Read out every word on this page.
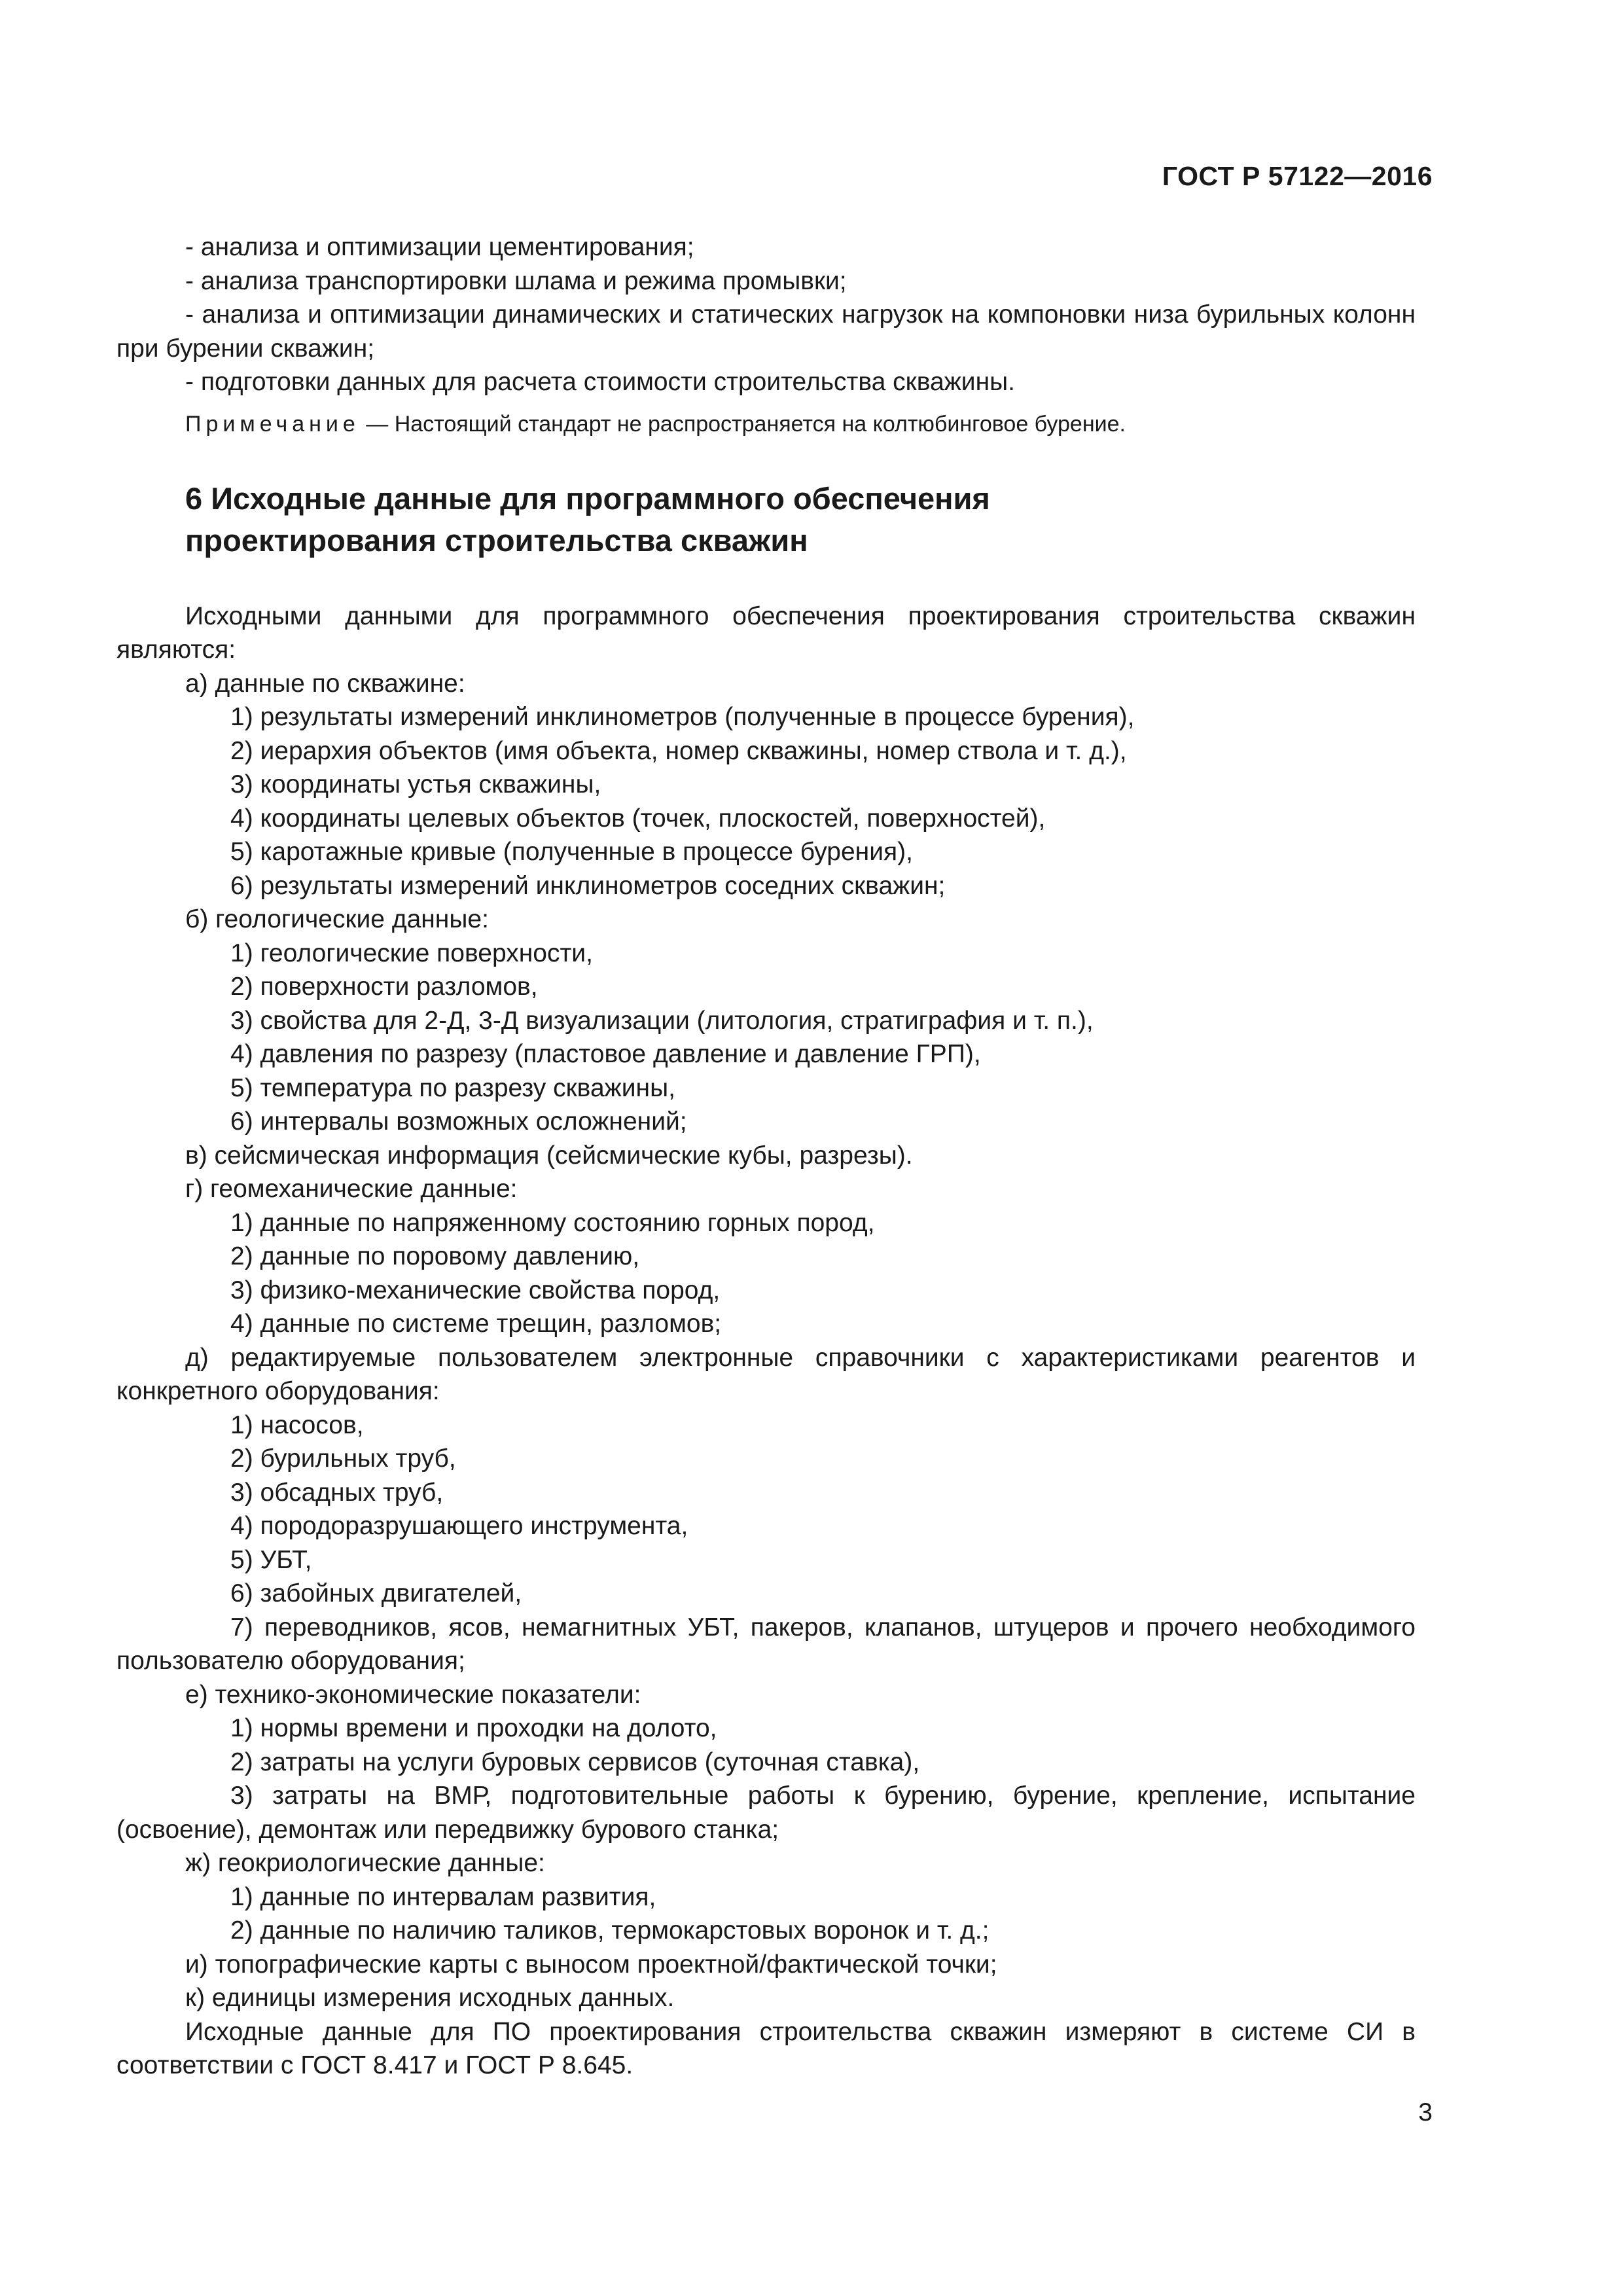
ГОСТ Р 57122—2016

- анализа и оптимизации цементирования;

- анализа транспортировки шлама и режима промывки;

- анализа и оптимизации динамических и статических нагрузок на компоновки низа бурильных колонн при бурении скважин;

- подготовки данных для расчета стоимости строительства скважины.

Примечание — Настоящий стандарт не распространяется на колтюбинговое бурение.

6 Исходные данные для программного обеспечения
проектирования строительства скважин

Исходными данными для программного обеспечения проектирования строительства скважин являются:

а) данные по скважине:

1) результаты измерений инклинометров (полученные в процессе бурения),

2) иерархия объектов (имя объекта, номер скважины, номер ствола и т. д.),

3) координаты устья скважины,

4) координаты целевых объектов (точек, плоскостей, поверхностей),

5) каротажные кривые (полученные в процессе бурения),

6) результаты измерений инклинометров соседних скважин;

б) геологические данные:

1) геологические поверхности,

2) поверхности разломов,

3) свойства для 2-Д, 3-Д визуализации (литология, стратиграфия и т. п.),

4) давления по разрезу (пластовое давление и давление ГРП),

5) температура по разрезу скважины,

6) интервалы возможных осложнений;

в) сейсмическая информация (сейсмические кубы, разрезы).

г) геомеханические данные:

1) данные по напряженному состоянию горных пород,

2) данные по поровому давлению,

3) физико-механические свойства пород,

4) данные по системе трещин, разломов;

д) редактируемые пользователем электронные справочники с характеристиками реагентов и конкретного оборудования:

1) насосов,

2) бурильных труб,

3) обсадных труб,

4) породоразрушающего инструмента,

5) УБТ,

6) забойных двигателей,

7) переводников, ясов, немагнитных УБТ, пакеров, клапанов, штуцеров и прочего необходимого пользователю оборудования;

е) технико-экономические показатели:

1) нормы времени и проходки на долото,

2) затраты на услуги буровых сервисов (суточная ставка),

3) затраты на ВМР, подготовительные работы к бурению, бурение, крепление, испытание (освоение), демонтаж или передвижку бурового станка;

ж) геокриологические данные:

1) данные по интервалам развития,

2) данные по наличию таликов, термокарстовых воронок и т. д.;

и) топографические карты с выносом проектной/фактической точки;

к) единицы измерения исходных данных.

Исходные данные для ПО проектирования строительства скважин измеряют в системе СИ в соответствии с ГОСТ 8.417 и ГОСТ Р 8.645.

3
